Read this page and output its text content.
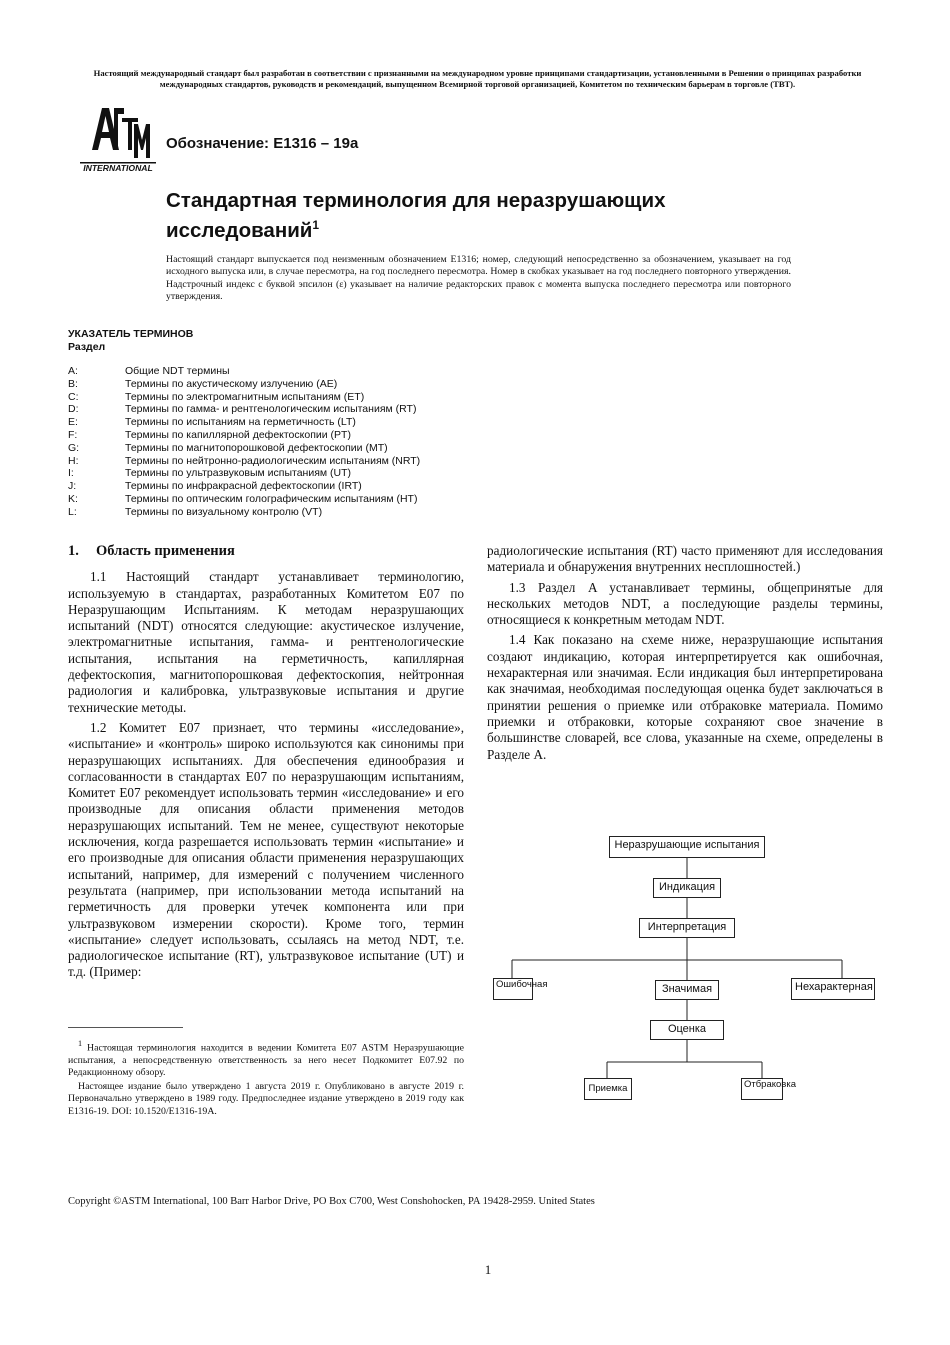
Настоящий международный стандарт был разработан в соответствии с признанными на международном уровне принципами стандартизации, установленными в Решении о принципах разработки международных стандартов, руководств и рекомендаций, выпущенном Всемирной торговой организацией, Комитетом по техническим барьерам в торговле (ТВТ).
INTERNATIONAL
Обозначение: E1316 – 19a
Стандартная терминология для неразрушающих
исследований$^1$
Настоящий стандарт выпускается под неизменным обозначением E1316; номер, следующий непосредственно за обозначением, указывает на год исходного выпуска или, в случае пересмотра, на год последнего пересмотра. Номер в скобках указывает на год последнего повторного утверждения. Надстрочный индекс с буквой эпсилон (ε) указывает на наличие редакторских правок с момента выпуска последнего пересмотра или повторного утверждения.
УКАЗАТЕЛЬ ТЕРМИНОВ
Раздел
A:	Общие NDT термины
B:	Термины по акустическому излучению (AE)
C:	Термины по электромагнитным испытаниям (ET)
D:	Термины по гамма- и рентгенологическим испытаниям (RT)
E:	Термины по испытаниям на герметичность (LT)
F:	Термины по капиллярной дефектоскопии (PT)
G:	Термины по магнитопорошковой дефектоскопии (MT)
H:	Термины по нейтронно-радиологическим испытаниям (NRT)
I:	Термины по ультразвуковым испытаниям (UT)
J:	Термины по инфракрасной дефектоскопии (IRT)
K:	Термины по оптическим голографическим испытаниям (HT)
L:	Термины по визуальному контролю (VT)
1. Область применения

1.1 Настоящий стандарт устанавливает терминологию, используемую в стандартах, разработанных Комитетом E07 по Неразрушающим Испытаниям. К методам неразрушающих испытаний (NDT) относятся следующие: акустическое излучение, электромагнитные испытания, гамма- и рентгенологические испытания, испытания на герметичность, капиллярная дефектоскопия, магнитопорошковая дефектоскопия, нейтронная радиология и калибровка, ультразвуковые испытания и другие технические методы.

1.2 Комитет E07 признает, что термины «исследование», «испытание» и «контроль» широко используются как синонимы при неразрушающих испытаниях. Для обеспечения единообразия и согласованности в стандартах E07 по неразрушающим испытаниям, Комитет E07 рекомендует использовать термин «исследование» и его производные для описания области применения методов неразрушающих испытаний. Тем не менее, существуют некоторые исключения, когда разрешается использовать термин «испытание» и его производные для описания области применения неразрушающих испытаний, например, для измерений с получением численного результата (например, при использовании метода испытаний на герметичность для проверки утечек компонента или при ультразвуковом измерении скорости). Кроме того, термин «испытание» следует использовать, ссылаясь на метод NDT, т.е. радиологическое испытание (RT), ультразвуковое испытание (UT) и т.д. (Пример:

радиологические испытания (RT) часто применяют для исследования материала и обнаружения внутренних несплошностей.)

1.3 Раздел A устанавливает термины, общепринятые для нескольких методов NDT, а последующие разделы термины, относящиеся к конкретным методам NDT.

1.4 Как показано на схеме ниже, неразрушающие испытания создают индикацию, которая интерпретируется как ошибочная, нехарактерная или значимая. Если индикация был интерпретирована как значимая, необходимая последующая оценка будет заключаться в принятии решения о приемке или отбраковке материала. Помимо приемки и отбраковки, которые сохраняют свое значение в большинстве словарей, все слова, указанные на схеме, определены в Разделе A.

Неразрушающие испытания
Индикация
Интерпретация
Ошибочная	Значимая	Нехарактерная
Оценка
Приемка	Отбраковка

$^1$ Настоящая терминология находится в ведении Комитета E07 ASTM Неразрушающие испытания, а непосредственную ответственность за него несет Подкомитет E07.92 по Редакционному обзору.

Настоящее издание было утверждено 1 августа 2019 г. Опубликовано в августе 2019 г. Первоначально утверждено в 1989 году. Предпоследнее издание утверждено в 2019 году как E1316-19. DOI: 10.1520/E1316-19A.

Copyright ©ASTM International, 100 Barr Harbor Drive, PO Box C700, West Conshohocken, PA 19428-2959. United States
1
